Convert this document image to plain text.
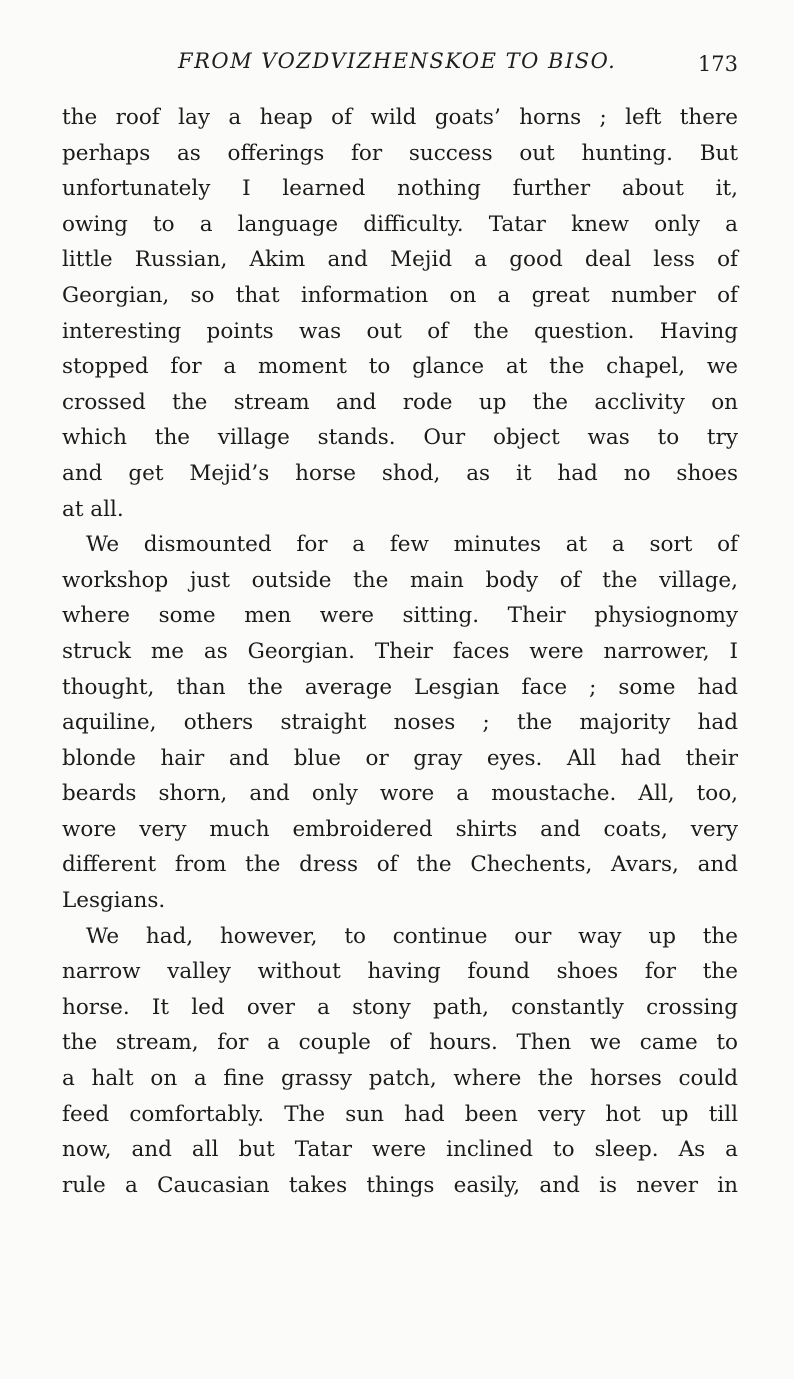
FROM VOZDVIZHENSKOE TO BISO.	173
the roof lay a heap of wild goats’ horns ; left there
perhaps as offerings for success out hunting. But
unfortunately I learned nothing further about it,
owing to a language difficulty. Tatar knew only a
little Russian, Akim and Mejid a good deal less of
Georgian, so that information on a great number of
interesting points was out of the question. Having
stopped for a moment to glance at the chapel, we
crossed the stream and rode up the acclivity on
which the village stands. Our object was to try
and get Mejid’s horse shod, as it had no shoes
at all.
We dismounted for a few minutes at a sort of
workshop just outside the main body of the village,
where some men were sitting. Their physiognomy
struck me as Georgian. Their faces were narrower, I
thought, than the average Lesgian face ; some had
aquiline, others straight noses ; the majority had
blonde hair and blue or gray eyes. All had their
beards shorn, and only wore a moustache. All, too,
wore very much embroidered shirts and coats, very
different from the dress of the Chechents, Avars, and
Lesgians.
We had, however, to continue our way up the
narrow valley without having found shoes for the
horse. It led over a stony path, constantly crossing
the stream, for a couple of hours. Then we came to
a halt on a fine grassy patch, where the horses could
feed comfortably. The sun had been very hot up till
now, and all but Tatar were inclined to sleep. As a
rule a Caucasian takes things easily, and is never in
